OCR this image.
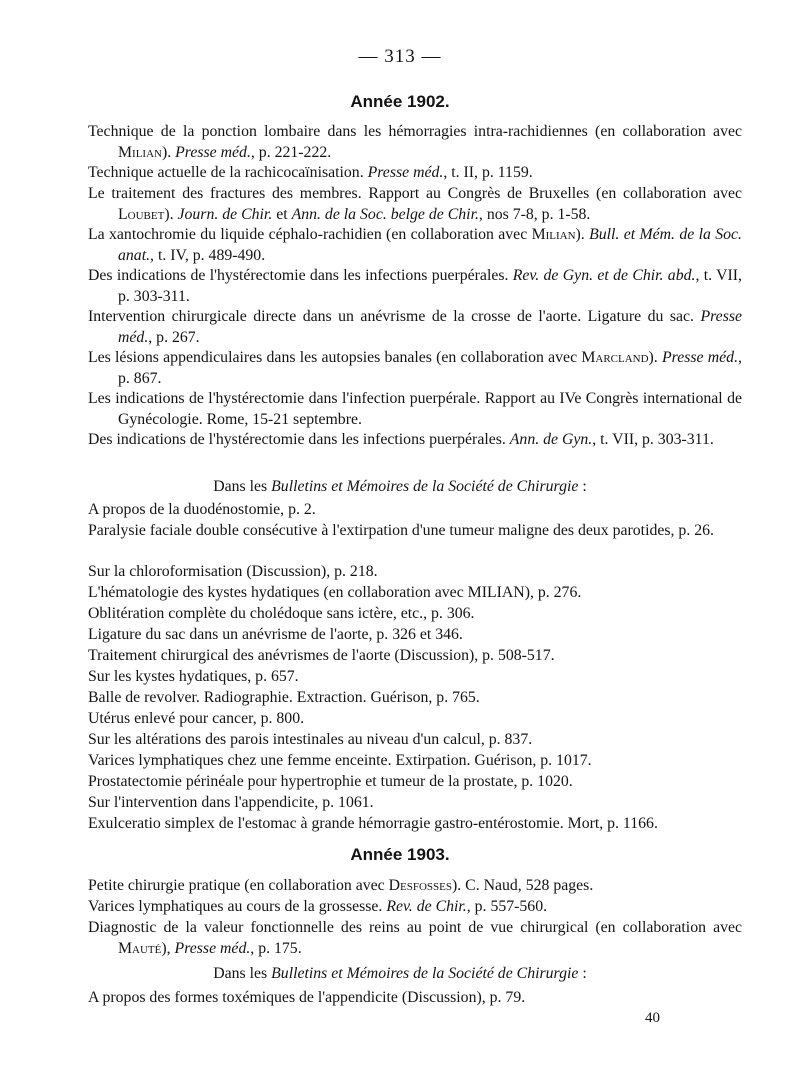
— 313 —
Année 1902.
Technique de la ponction lombaire dans les hémorragies intra-rachidiennes (en collaboration avec Milian). Presse méd., p. 221-222.
Technique actuelle de la rachicocaïnisation. Presse méd., t. II, p. 1159.
Le traitement des fractures des membres. Rapport au Congrès de Bruxelles (en collaboration avec Loubet). Journ. de Chir. et Ann. de la Soc. belge de Chir., nos 7-8, p. 1-58.
La xantochromie du liquide céphalo-rachidien (en collaboration avec Milian). Bull. et Mém. de la Soc. anat., t. IV, p. 489-490.
Des indications de l'hystérectomie dans les infections puerpérales. Rev. de Gyn. et de Chir. abd., t. VII, p. 303-311.
Intervention chirurgicale directe dans un anévrisme de la crosse de l'aorte. Ligature du sac. Presse méd., p. 267.
Les lésions appendiculaires dans les autopsies banales (en collaboration avec Marcland). Presse méd., p. 867.
Les indications de l'hystérectomie dans l'infection puerpérale. Rapport au IVe Congrès international de Gynécologie. Rome, 15-21 septembre.
Des indications de l'hystérectomie dans les infections puerpérales. Ann. de Gyn., t. VII, p. 303-311.
Dans les Bulletins et Mémoires de la Société de Chirurgie :
A propos de la duodénostomie, p. 2.
Paralysie faciale double consécutive à l'extirpation d'une tumeur maligne des deux parotides, p. 26.
Sur la chloroformisation (Discussion), p. 218.
L'hématologie des kystes hydatiques (en collaboration avec MILIAN), p. 276.
Oblitération complète du cholédoque sans ictère, etc., p. 306.
Ligature du sac dans un anévrisme de l'aorte, p. 326 et 346.
Traitement chirurgical des anévrismes de l'aorte (Discussion), p. 508-517.
Sur les kystes hydatiques, p. 657.
Balle de revolver. Radiographie. Extraction. Guérison, p. 765.
Utérus enlevé pour cancer, p. 800.
Sur les altérations des parois intestinales au niveau d'un calcul, p. 837.
Varices lymphatiques chez une femme enceinte. Extirpation. Guérison, p. 1017.
Prostatectomie périnéale pour hypertrophie et tumeur de la prostate, p. 1020.
Sur l'intervention dans l'appendicite, p. 1061.
Exulceratio simplex de l'estomac à grande hémorragie gastro-entérostomie. Mort, p. 1166.
Année 1903.
Petite chirurgie pratique (en collaboration avec Desfosses). C. Naud, 528 pages.
Varices lymphatiques au cours de la grossesse. Rev. de Chir., p. 557-560.
Diagnostic de la valeur fonctionnelle des reins au point de vue chirurgical (en collaboration avec Mauté), Presse méd., p. 175.
Dans les Bulletins et Mémoires de la Société de Chirurgie :
A propos des formes toxémiques de l'appendicite (Discussion), p. 79.
40
